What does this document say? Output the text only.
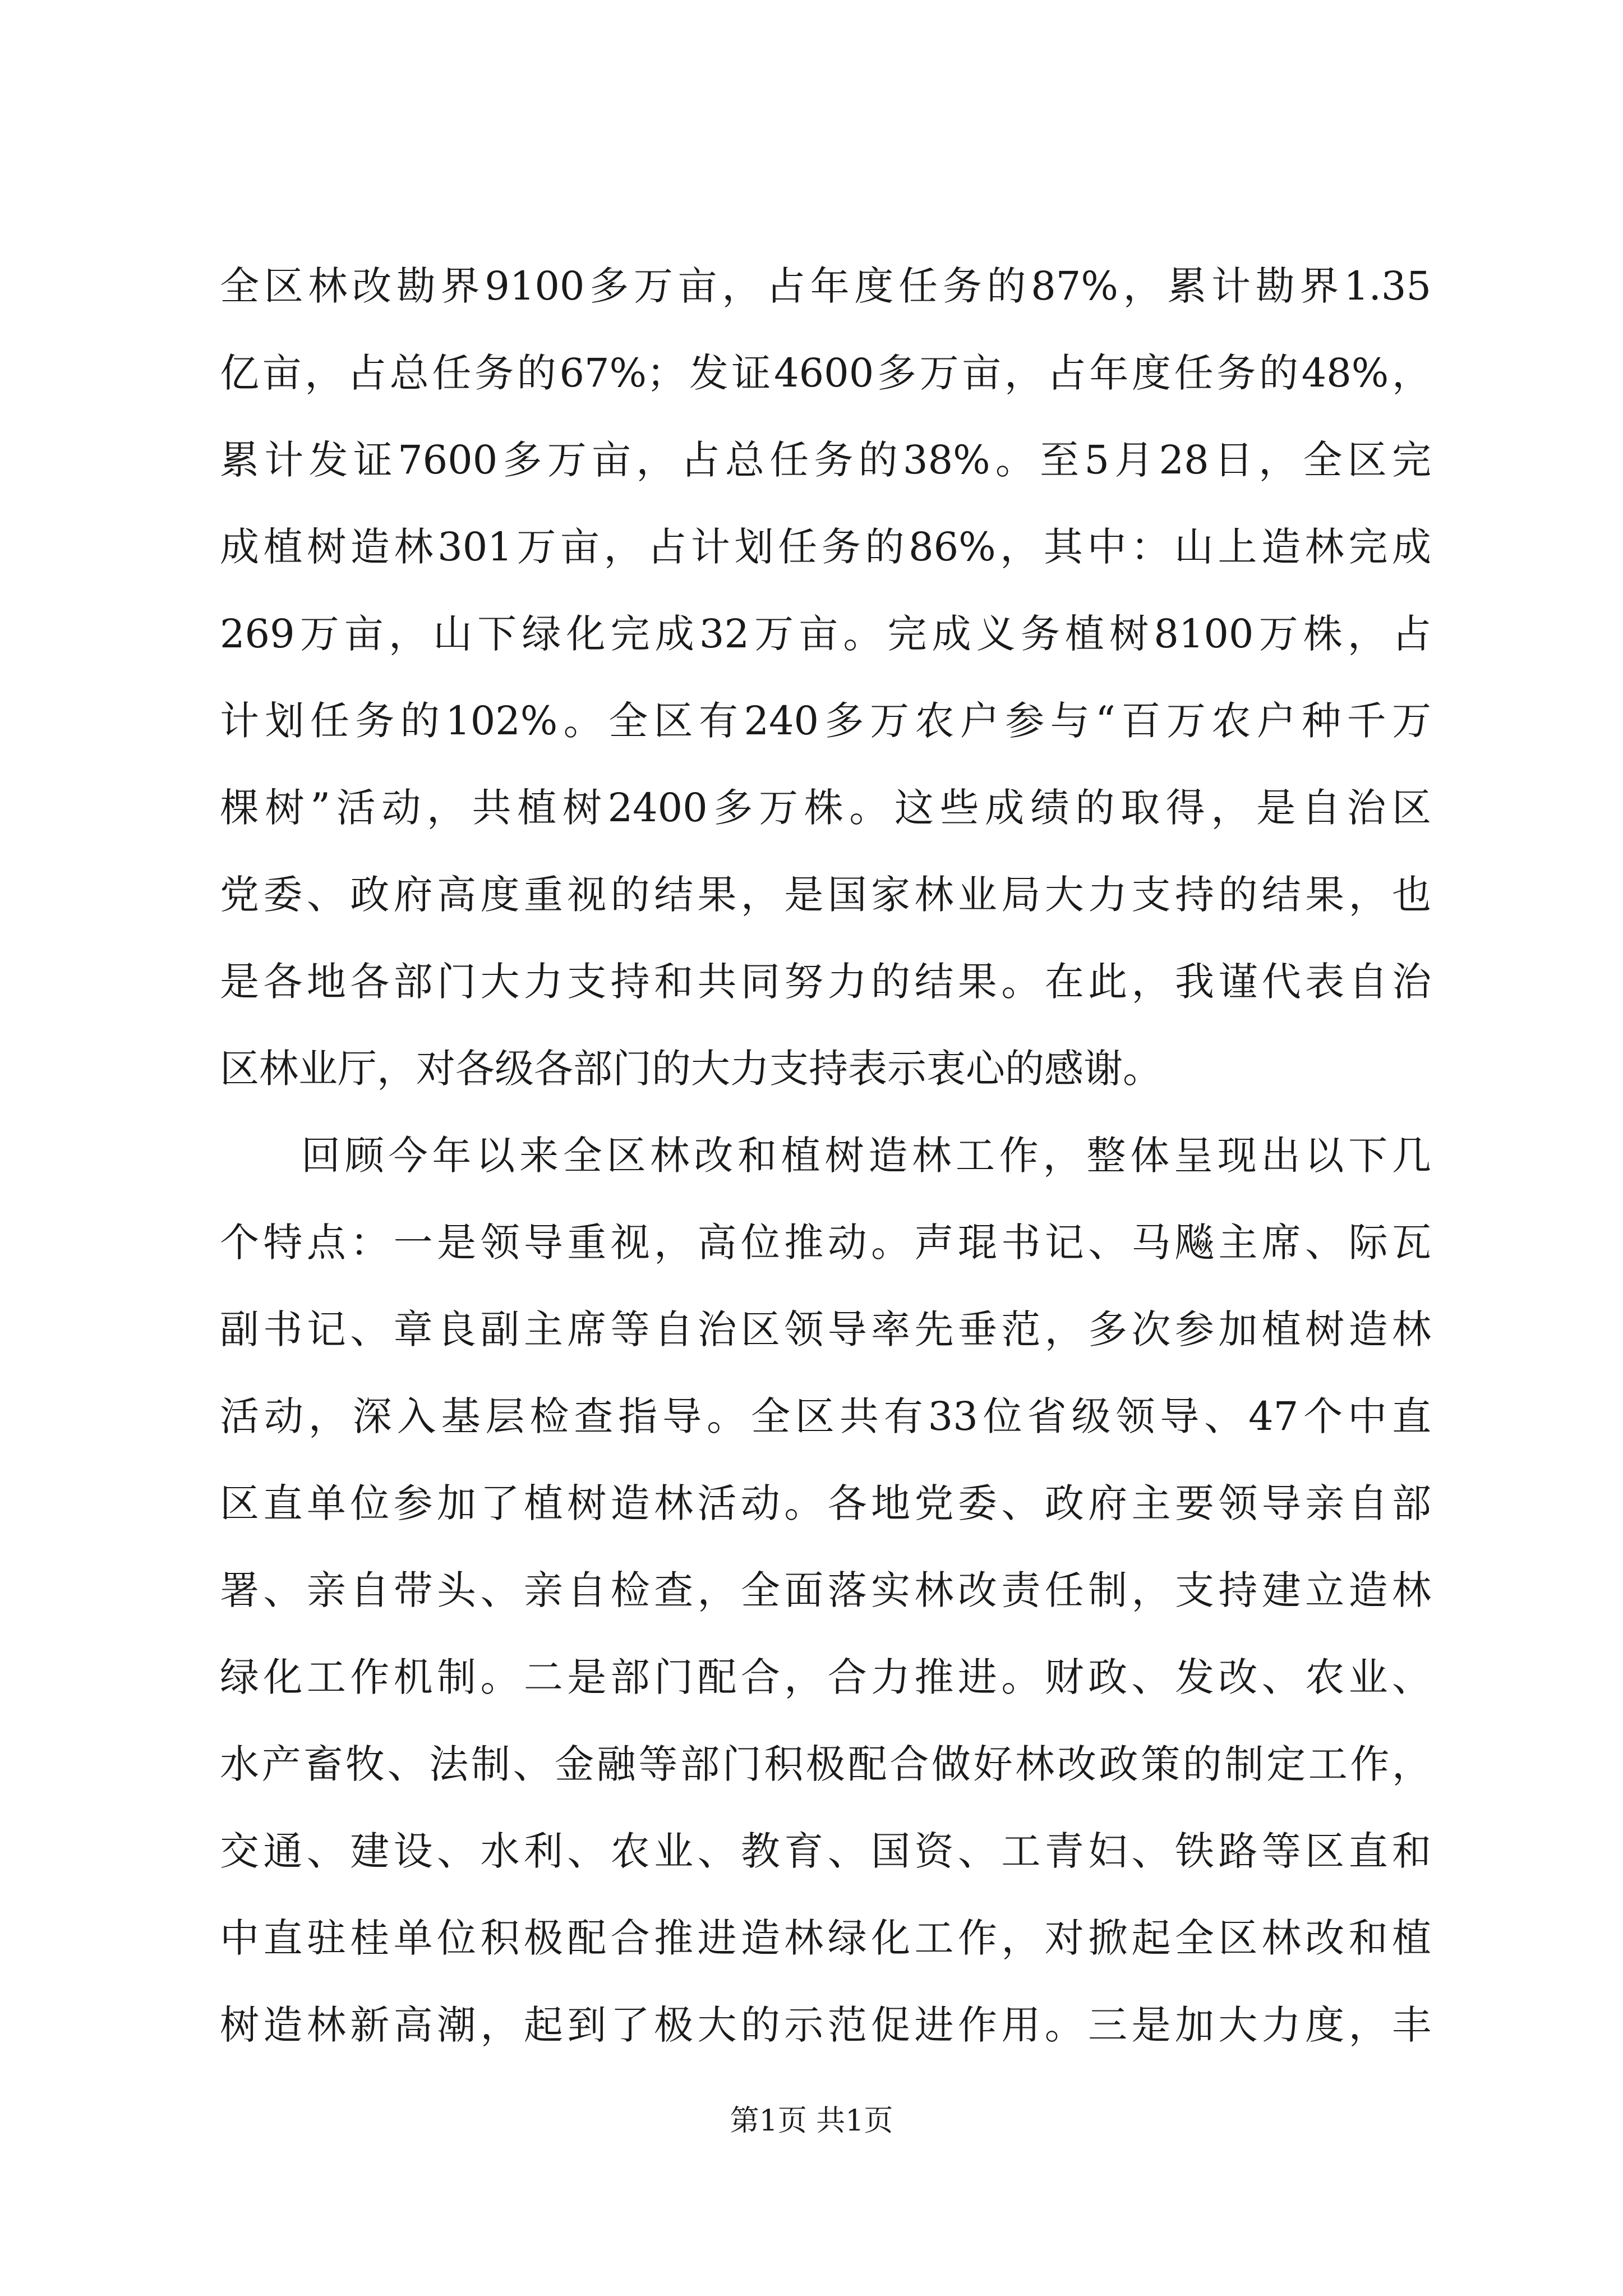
全区林改勘界9100多万亩，占年度任务的87%，累计勘界1.35
亿亩，占总任务的67%；发证4600多万亩，占年度任务的48%，
累计发证7600多万亩，占总任务的38%。至5月28日，全区完
成植树造林301万亩，占计划任务的86%，其中：山上造林完成
269万亩，山下绿化完成32万亩。完成义务植树8100万株，占
计划任务的102%。全区有240多万农户参与“百万农户种千万
棵树”活动，共植树2400多万株。这些成绩的取得，是自治区
党委、政府高度重视的结果，是国家林业局大力支持的结果，也
是各地各部门大力支持和共同努力的结果。在此，我谨代表自治
区林业厅，对各级各部门的大力支持表示衷心的感谢。
回顾今年以来全区林改和植树造林工作，整体呈现出以下几
个特点：一是领导重视，高位推动。声琨书记、马飚主席、际瓦
副书记、章良副主席等自治区领导率先垂范，多次参加植树造林
活动，深入基层检查指导。全区共有33位省级领导、47个中直
区直单位参加了植树造林活动。各地党委、政府主要领导亲自部
署、亲自带头、亲自检查，全面落实林改责任制，支持建立造林
绿化工作机制。二是部门配合，合力推进。财政、发改、农业、
水产畜牧、法制、金融等部门积极配合做好林改政策的制定工作，
交通、建设、水利、农业、教育、国资、工青妇、铁路等区直和
中直驻桂单位积极配合推进造林绿化工作，对掀起全区林改和植
树造林新高潮，起到了极大的示范促进作用。三是加大力度，丰
第1页 共1页
